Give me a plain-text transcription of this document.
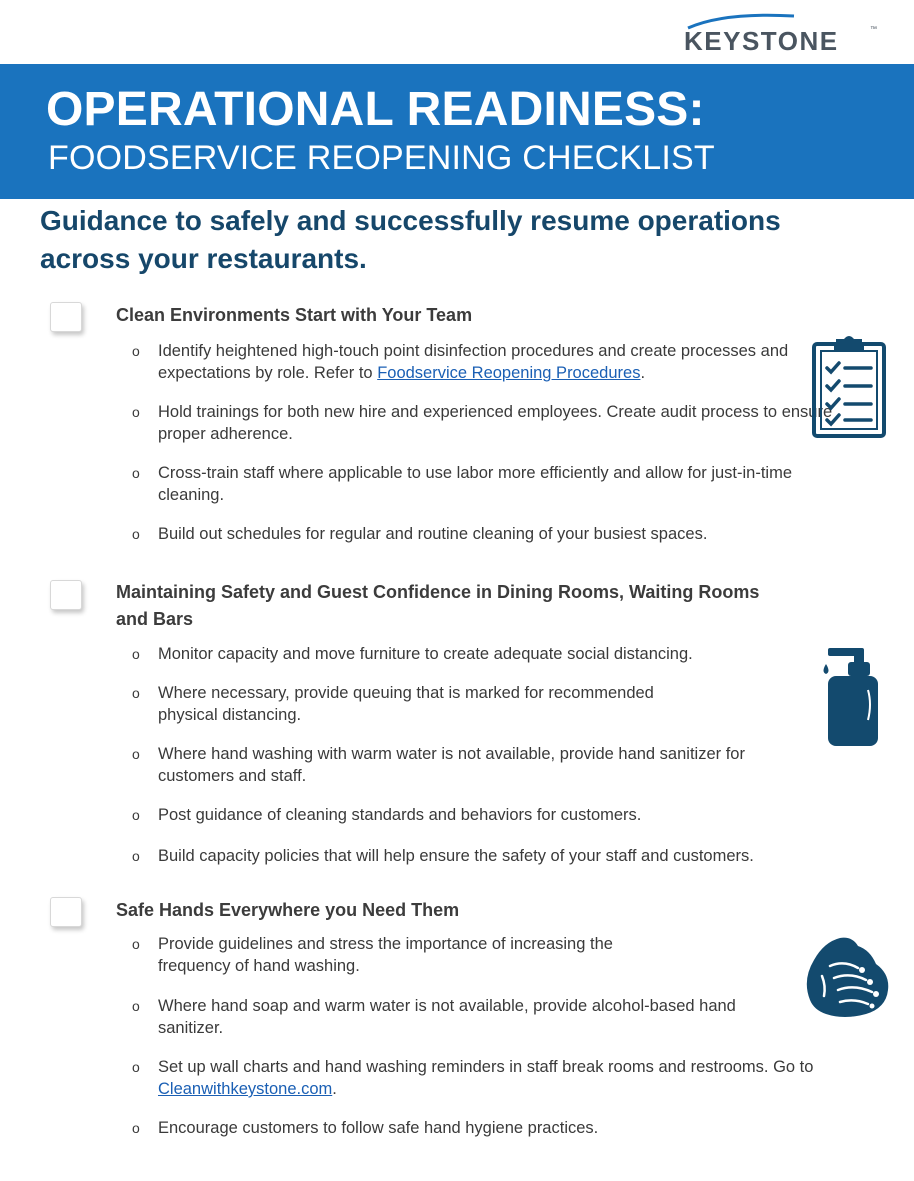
KEYSTONE	™
OPERATIONAL READINESS:
FOODSERVICE REOPENING CHECKLIST
Guidance to safely and successfully resume operations across your restaurants.
Clean Environments Start with Your Team
o Identify heightened high-touch point disinfection procedures and create processes and expectations by role. Refer to Foodservice Reopening Procedures.
o Hold trainings for both new hire and experienced employees. Create audit process to ensure proper adherence.
o Cross-train staff where applicable to use labor more efficiently and allow for just-in-time cleaning.
o Build out schedules for regular and routine cleaning of your busiest spaces.
Maintaining Safety and Guest Confidence in Dining Rooms, Waiting Rooms and Bars
o Monitor capacity and move furniture to create adequate social distancing.
o Where necessary, provide queuing that is marked for recommended physical distancing.
o Where hand washing with warm water is not available, provide hand sanitizer for customers and staff.
o Post guidance of cleaning standards and behaviors for customers.
o Build capacity policies that will help ensure the safety of your staff and customers.
Safe Hands Everywhere you Need Them
o Provide guidelines and stress the importance of increasing the frequency of hand washing.
o Where hand soap and warm water is not available, provide alcohol-based hand sanitizer.
o Set up wall charts and hand washing reminders in staff break rooms and restrooms. Go to Cleanwithkeystone.com.
o Encourage customers to follow safe hand hygiene practices.
